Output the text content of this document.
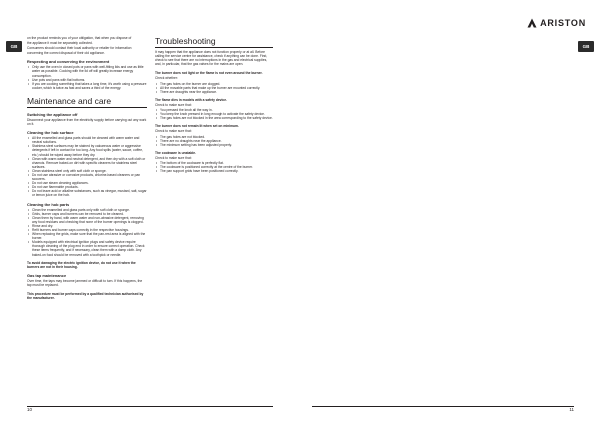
GB
on the product reminds you of your obligation, that when you dispose of
the appliance it must be separately collected.
Consumers should contact their local authority or retailer for information
concerning the correct disposal of their old appliance.
Respecting and conserving the environment
• Only use the oven in closed pots or pans with well-fitting lids and use as little water as possible. Cooking with the lid off will greatly increase energy consumption.
• Use pots and pans with flat bottoms.
• If you are cooking something that takes a long time, it's worth using a pressure cooker, which is twice as fast and saves a third of the energy.
Maintenance and care
Switching the appliance off
Disconnect your appliance from the electricity supply before carrying out any work on it.
Cleaning the hob surface
• All the enamelled and glass parts should be cleaned with warm water and neutral solutions.
• Stainless steel surfaces may be stained by calcareous water or aggressive detergents if left in contact for too long. Any food spills (water, sauce, coffee, etc.) should be wiped away before they dry.
• Clean with warm water and neutral detergent, and then dry with a soft cloth or chamois. Remove baked-on dirt with specific cleaners for stainless steel surfaces.
• Clean stainless steel only with soft cloth or sponge.
• Do not use abrasive or corrosive products, chlorine-based cleaners or pan scourers.
• Do not use steam cleaning appliances.
• Do not use flammable products.
• Do not leave acid or alkaline substances, such as vinegar, mustard, salt, sugar or lemon juice on the hob.
Cleaning the hob parts
• Clean the enamelled and glass parts only with soft cloth or sponge.
• Grids, burner caps and burners can be removed to be cleaned.
• Clean them by hand, with warm water and non-abrasive detergent, removing any food residues and checking that none of the burner openings is clogged.
• Rinse and dry.
• Refit burners and burner caps correctly in the respective housings.
• When replacing the grids, make sure that the pan-rest area is aligned with the burner.
• Models equipped with electrical ignition plugs and safety device require thorough cleaning of the plug end in order to ensure correct operation. Check these items frequently, and if necessary, clean them with a damp cloth. Any baked-on food should be removed with a toothpick or needle.
To avoid damaging the electric ignition device, do not use it when the burners are not in their housing.
Gas tap maintenance
Over time, the taps may become jammed or difficult to turn. If this happens, the tap must be replaced.
This procedure must be performed by a qualified technician authorised by the manufacturer.
Troubleshooting
It may happen that the appliance does not function properly or at all. Before calling the service centre for assistance, check if anything can be done. First, check to see that there are no interruptions in the gas and electrical supplies, and, in particular, that the gas valves for the mains are open.
The burner does not light or the flame is not even around the burner.
Check whether:
• The gas holes on the burner are clogged.
• All the movable parts that make up the burner are mounted correctly.
• There are draughts near the appliance.
The flame dies in models with a safety device.
Check to make sure that:
• You pressed the knob all the way in.
• You keep the knob pressed in long enough to activate the safety device.
• The gas holes are not blocked in the area corresponding to the safety device.
The burner does not remain lit when set on minimum.
Check to make sure that:
• The gas holes are not blocked.
• There are no draughts near the appliance.
• The minimum setting has been adjusted properly.
The cookware is unstable.
Check to make sure that:
• The bottom of the cookware is perfectly flat.
• The cookware is positioned correctly at the centre of the burner.
• The pan support grids have been positioned correctly.
10
ARISTON
GB
11
